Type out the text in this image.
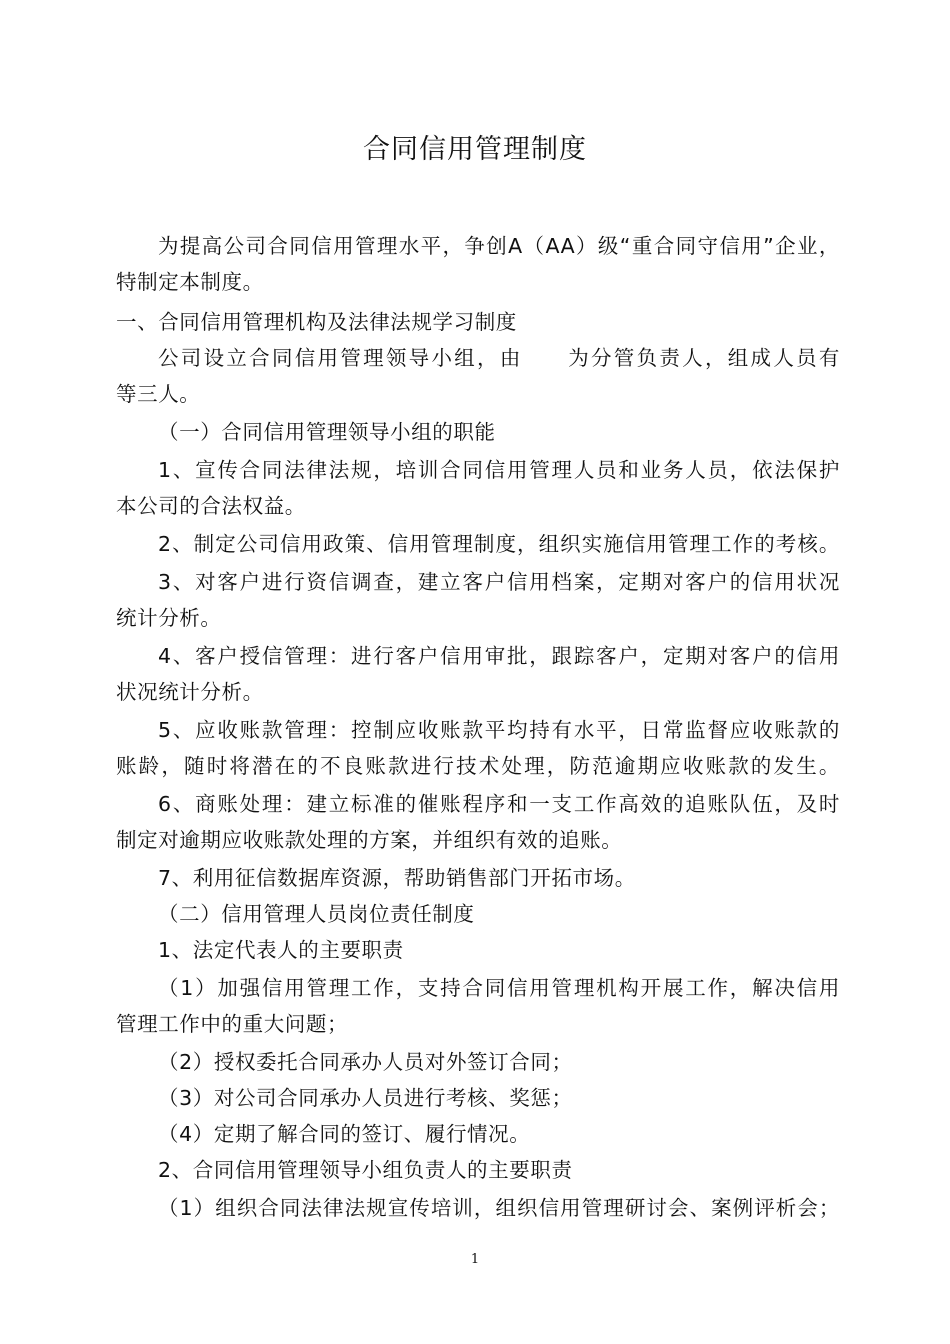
合同信用管理制度
为提高公司合同信用管理水平，争创A（AA）级“重合同守信用”企业，
特制定本制度。
一、合同信用管理机构及法律法规学习制度
公司设立合同信用管理领导小组，由　　为分管负责人，组成人员有
等三人。
（一）合同信用管理领导小组的职能
1、宣传合同法律法规，培训合同信用管理人员和业务人员，依法保护
本公司的合法权益。
2、制定公司信用政策、信用管理制度，组织实施信用管理工作的考核。
3、对客户进行资信调查，建立客户信用档案，定期对客户的信用状况
统计分析。
4、客户授信管理：进行客户信用审批，跟踪客户，定期对客户的信用
状况统计分析。
5、应收账款管理：控制应收账款平均持有水平，日常监督应收账款的
账龄，随时将潜在的不良账款进行技术处理，防范逾期应收账款的发生。
6、商账处理：建立标准的催账程序和一支工作高效的追账队伍，及时
制定对逾期应收账款处理的方案，并组织有效的追账。
7、利用征信数据库资源，帮助销售部门开拓市场。
（二）信用管理人员岗位责任制度
1、法定代表人的主要职责
（1）加强信用管理工作，支持合同信用管理机构开展工作，解决信用
管理工作中的重大问题；
（2）授权委托合同承办人员对外签订合同；
（3）对公司合同承办人员进行考核、奖惩；
（4）定期了解合同的签订、履行情况。
2、合同信用管理领导小组负责人的主要职责
（1）组织合同法律法规宣传培训，组织信用管理研讨会、案例评析会；
1
